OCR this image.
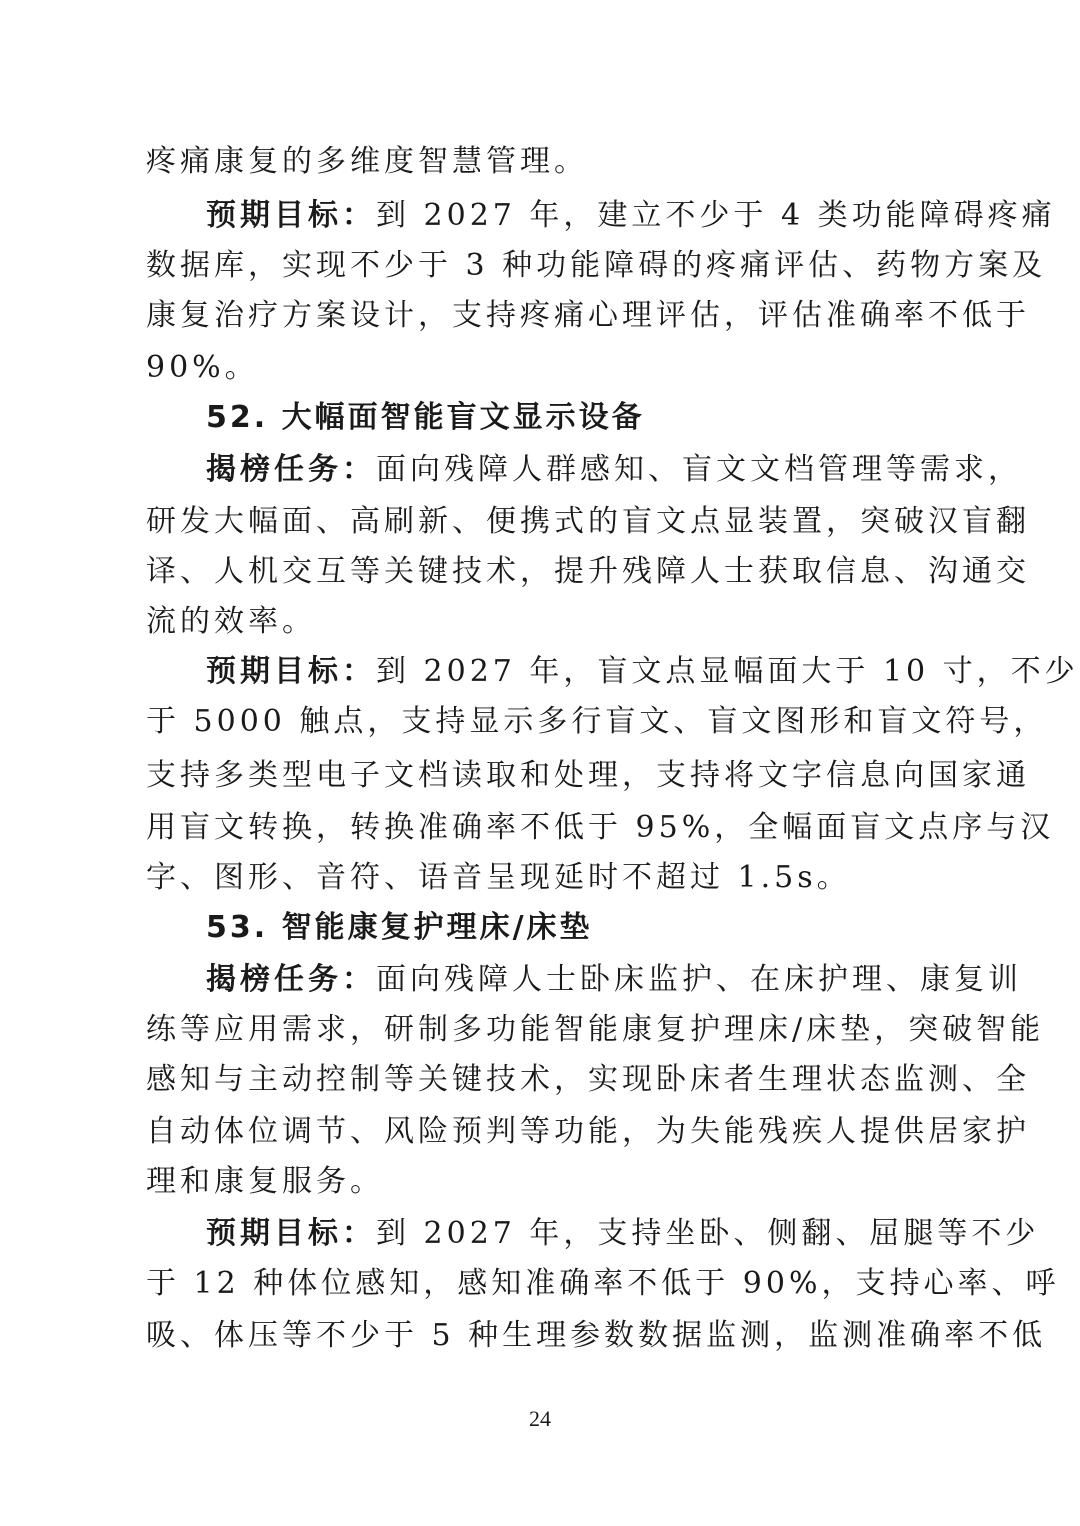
疼痛康复的多维度智慧管理。
预期目标：到 2027 年，建立不少于 4 类功能障碍疼痛
数据库，实现不少于 3 种功能障碍的疼痛评估、药物方案及
康复治疗方案设计，支持疼痛心理评估，评估准确率不低于
90%。
52. 大幅面智能盲文显示设备
揭榜任务：面向残障人群感知、盲文文档管理等需求，
研发大幅面、高刷新、便携式的盲文点显装置，突破汉盲翻
译、人机交互等关键技术，提升残障人士获取信息、沟通交
流的效率。
预期目标：到 2027 年，盲文点显幅面大于 10 寸，不少
于 5000 触点，支持显示多行盲文、盲文图形和盲文符号，
支持多类型电子文档读取和处理，支持将文字信息向国家通
用盲文转换，转换准确率不低于 95%，全幅面盲文点序与汉
字、图形、音符、语音呈现延时不超过 1.5s。
53. 智能康复护理床/床垫
揭榜任务：面向残障人士卧床监护、在床护理、康复训
练等应用需求，研制多功能智能康复护理床/床垫，突破智能
感知与主动控制等关键技术，实现卧床者生理状态监测、全
自动体位调节、风险预判等功能，为失能残疾人提供居家护
理和康复服务。
预期目标：到 2027 年，支持坐卧、侧翻、屈腿等不少
于 12 种体位感知，感知准确率不低于 90%，支持心率、呼
吸、体压等不少于 5 种生理参数数据监测，监测准确率不低
24
